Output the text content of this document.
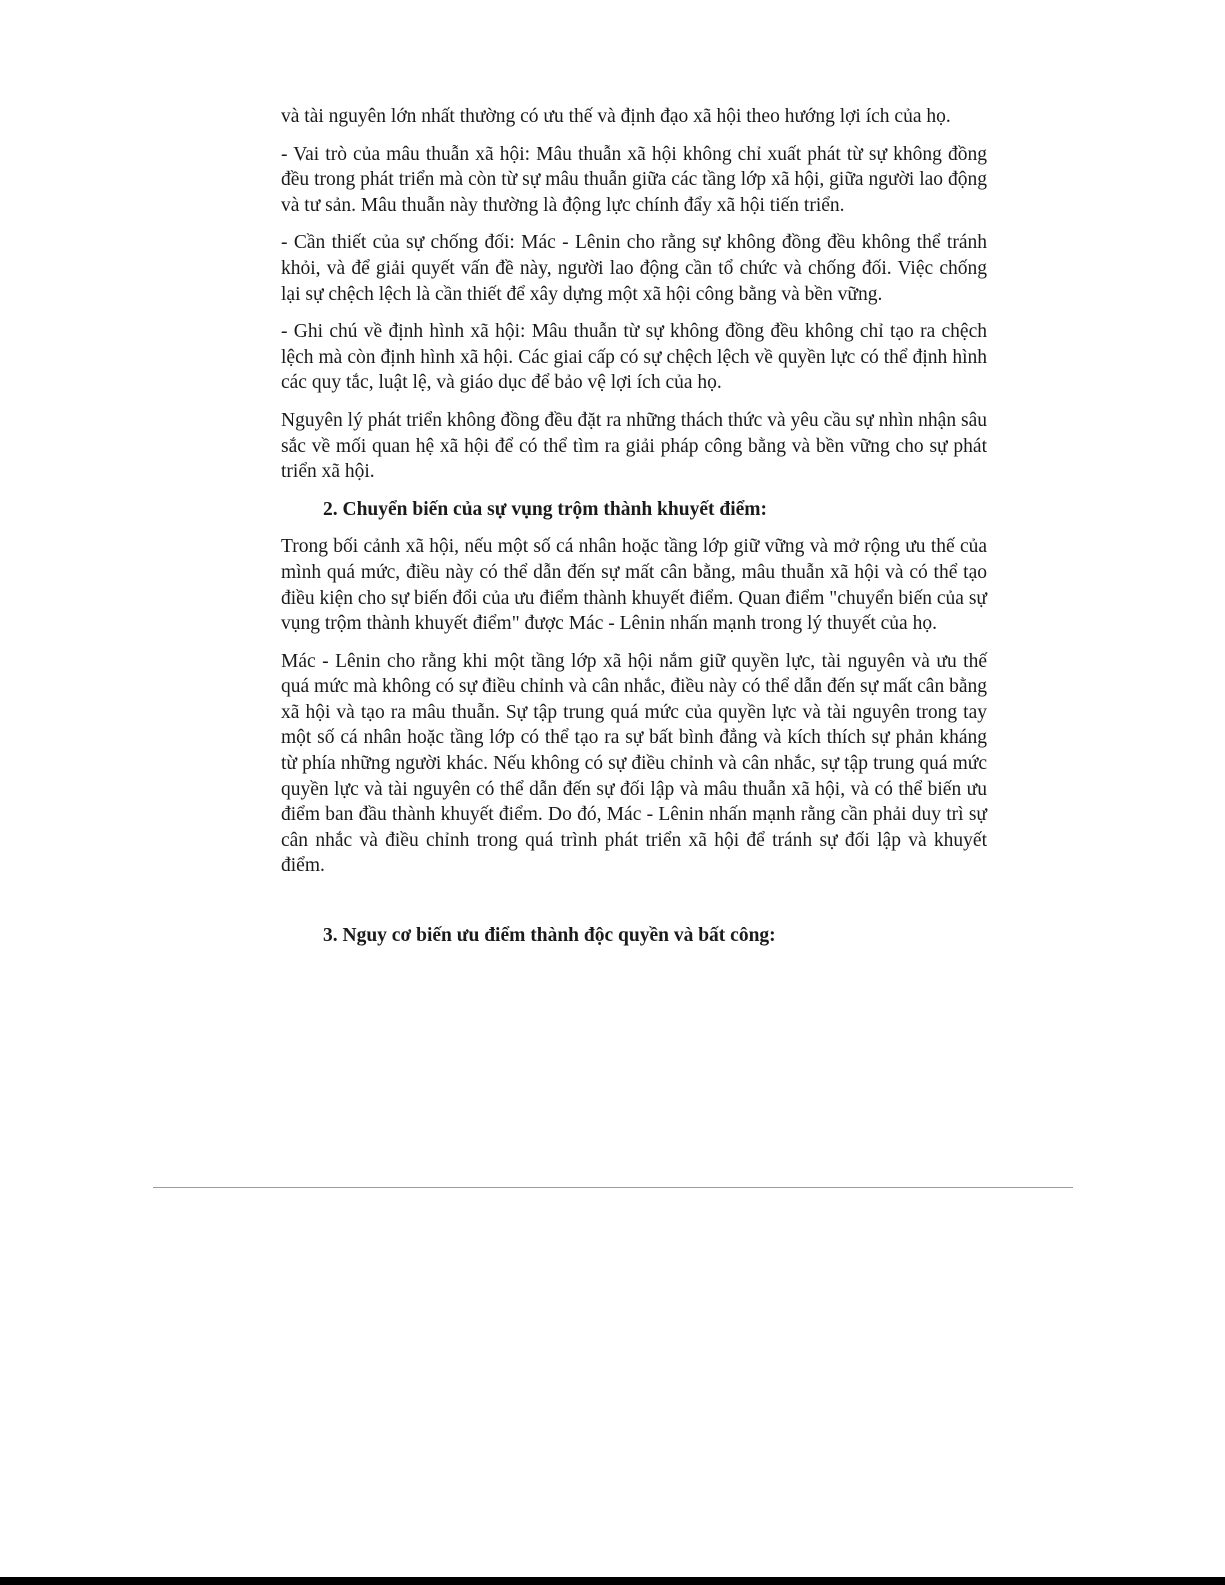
và tài nguyên lớn nhất thường có ưu thế và định đạo xã hội theo hướng lợi ích của họ.

- Vai trò của mâu thuẫn xã hội: Mâu thuẫn xã hội không chỉ xuất phát từ sự không đồng đều trong phát triển mà còn từ sự mâu thuẫn giữa các tầng lớp xã hội, giữa người lao động và tư sản. Mâu thuẫn này thường là động lực chính đẩy xã hội tiến triển.

- Cần thiết của sự chống đối: Mác - Lênin cho rằng sự không đồng đều không thể tránh khỏi, và để giải quyết vấn đề này, người lao động cần tổ chức và chống đối. Việc chống lại sự chệch lệch là cần thiết để xây dựng một xã hội công bằng và bền vững.

- Ghi chú về định hình xã hội: Mâu thuẫn từ sự không đồng đều không chỉ tạo ra chệch lệch mà còn định hình xã hội. Các giai cấp có sự chệch lệch về quyền lực có thể định hình các quy tắc, luật lệ, và giáo dục để bảo vệ lợi ích của họ.

Nguyên lý phát triển không đồng đều đặt ra những thách thức và yêu cầu sự nhìn nhận sâu sắc về mối quan hệ xã hội để có thể tìm ra giải pháp công bằng và bền vững cho sự phát triển xã hội.

2. Chuyển biến của sự vụng trộm thành khuyết điểm:

Trong bối cảnh xã hội, nếu một số cá nhân hoặc tầng lớp giữ vững và mở rộng ưu thế của mình quá mức, điều này có thể dẫn đến sự mất cân bằng, mâu thuẫn xã hội và có thể tạo điều kiện cho sự biến đổi của ưu điểm thành khuyết điểm. Quan điểm "chuyển biến của sự vụng trộm thành khuyết điểm" được Mác - Lênin nhấn mạnh trong lý thuyết của họ.

Mác - Lênin cho rằng khi một tầng lớp xã hội nắm giữ quyền lực, tài nguyên và ưu thế quá mức mà không có sự điều chỉnh và cân nhắc, điều này có thể dẫn đến sự mất cân bằng xã hội và tạo ra mâu thuẫn. Sự tập trung quá mức của quyền lực và tài nguyên trong tay một số cá nhân hoặc tầng lớp có thể tạo ra sự bất bình đẳng và kích thích sự phản kháng từ phía những người khác. Nếu không có sự điều chỉnh và cân nhắc, sự tập trung quá mức quyền lực và tài nguyên có thể dẫn đến sự đối lập và mâu thuẫn xã hội, và có thể biến ưu điểm ban đầu thành khuyết điểm. Do đó, Mác - Lênin nhấn mạnh rằng cần phải duy trì sự cân nhắc và điều chỉnh trong quá trình phát triển xã hội để tránh sự đối lập và khuyết điểm.

3. Nguy cơ biến ưu điểm thành độc quyền và bất công:
